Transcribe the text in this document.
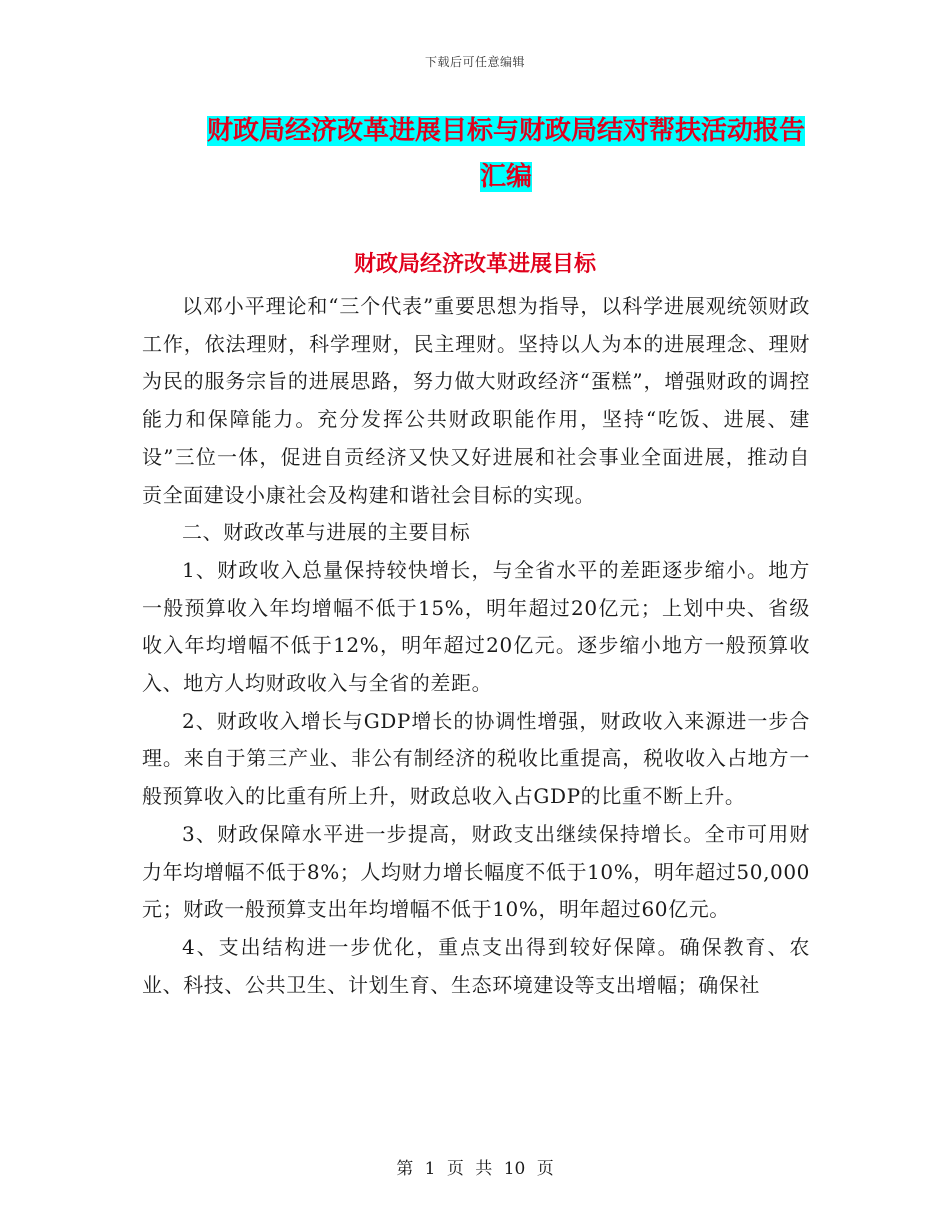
下载后可任意编辑
财政局经济改革进展目标与财政局结对帮扶活动报告汇编
财政局经济改革进展目标

以邓小平理论和“三个代表”重要思想为指导，以科学进展观统领财政工作，依法理财，科学理财，民主理财。坚持以人为本的进展理念、理财为民的服务宗旨的进展思路，努力做大财政经济“蛋糕”，增强财政的调控能力和保障能力。充分发挥公共财政职能作用，坚持“吃饭、进展、建设”三位一体，促进自贡经济又快又好进展和社会事业全面进展，推动自贡全面建设小康社会及构建和谐社会目标的实现。

二、财政改革与进展的主要目标

1、财政收入总量保持较快增长，与全省水平的差距逐步缩小。地方一般预算收入年均增幅不低于15%，明年超过20亿元；上划中央、省级收入年均增幅不低于12%，明年超过20亿元。逐步缩小地方一般预算收入、地方人均财政收入与全省的差距。

2、财政收入增长与GDP增长的协调性增强，财政收入来源进一步合理。来自于第三产业、非公有制经济的税收比重提高，税收收入占地方一般预算收入的比重有所上升，财政总收入占GDP的比重不断上升。

3、财政保障水平进一步提高，财政支出继续保持增长。全市可用财力年均增幅不低于8%；人均财力增长幅度不低于10%，明年超过50,000元；财政一般预算支出年均增幅不低于10%，明年超过60亿元。

4、支出结构进一步优化，重点支出得到较好保障。确保教育、农业、科技、公共卫生、计划生育、生态环境建设等支出增幅；确保社

第 1 页 共 10 页
